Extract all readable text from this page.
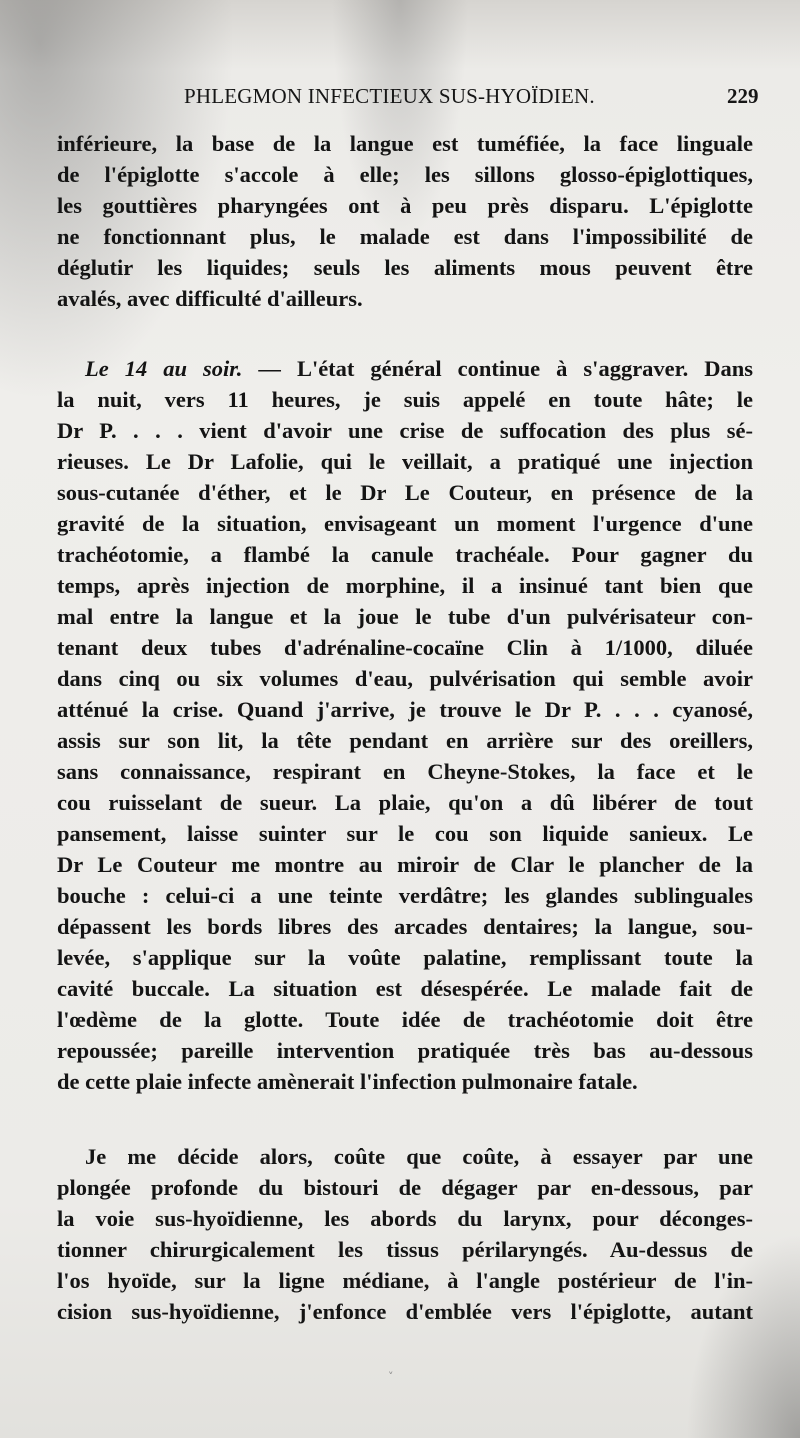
PHLEGMON INFECTIEUX SUS-HYOÏDIEN.	229
inférieure, la base de la langue est tuméfiée, la face linguale
de l'épiglotte s'accole à elle; les sillons glosso-épiglottiques,
les gouttières pharyngées ont à peu près disparu. L'épiglotte
ne fonctionnant plus, le malade est dans l'impossibilité de
déglutir les liquides; seuls les aliments mous peuvent être
avalés, avec difficulté d'ailleurs.
Le 14 au soir. — L'état général continue à s'aggraver. Dans
la nuit, vers 11 heures, je suis appelé en toute hâte; le
Dr P. . . . vient d'avoir une crise de suffocation des plus sé-
rieuses. Le Dr Lafolie, qui le veillait, a pratiqué une injection
sous-cutanée d'éther, et le Dr Le Couteur, en présence de la
gravité de la situation, envisageant un moment l'urgence d'une
trachéotomie, a flambé la canule trachéale. Pour gagner du
temps, après injection de morphine, il a insinué tant bien que
mal entre la langue et la joue le tube d'un pulvérisateur con-
tenant deux tubes d'adrénaline-cocaïne Clin à 1/1000, diluée
dans cinq ou six volumes d'eau, pulvérisation qui semble avoir
atténué la crise. Quand j'arrive, je trouve le Dr P. . . . cyanosé,
assis sur son lit, la tête pendant en arrière sur des oreillers,
sans connaissance, respirant en Cheyne-Stokes, la face et le
cou ruisselant de sueur. La plaie, qu'on a dû libérer de tout
pansement, laisse suinter sur le cou son liquide sanieux. Le
Dr Le Couteur me montre au miroir de Clar le plancher de la
bouche : celui-ci a une teinte verdâtre; les glandes sublinguales
dépassent les bords libres des arcades dentaires; la langue, sou-
levée, s'applique sur la voûte palatine, remplissant toute la
cavité buccale. La situation est désespérée. Le malade fait de
l'œdème de la glotte. Toute idée de trachéotomie doit être
repoussée; pareille intervention pratiquée très bas au-dessous
de cette plaie infecte amènerait l'infection pulmonaire fatale.
Je me décide alors, coûte que coûte, à essayer par une
plongée profonde du bistouri de dégager par en-dessous, par
la voie sus-hyoïdienne, les abords du larynx, pour déconges-
tionner chirurgicalement les tissus périlaryngés. Au-dessus de
l'os hyoïde, sur la ligne médiane, à l'angle postérieur de l'in-
cision sus-hyoïdienne, j'enfonce d'emblée vers l'épiglotte, autant
˅
